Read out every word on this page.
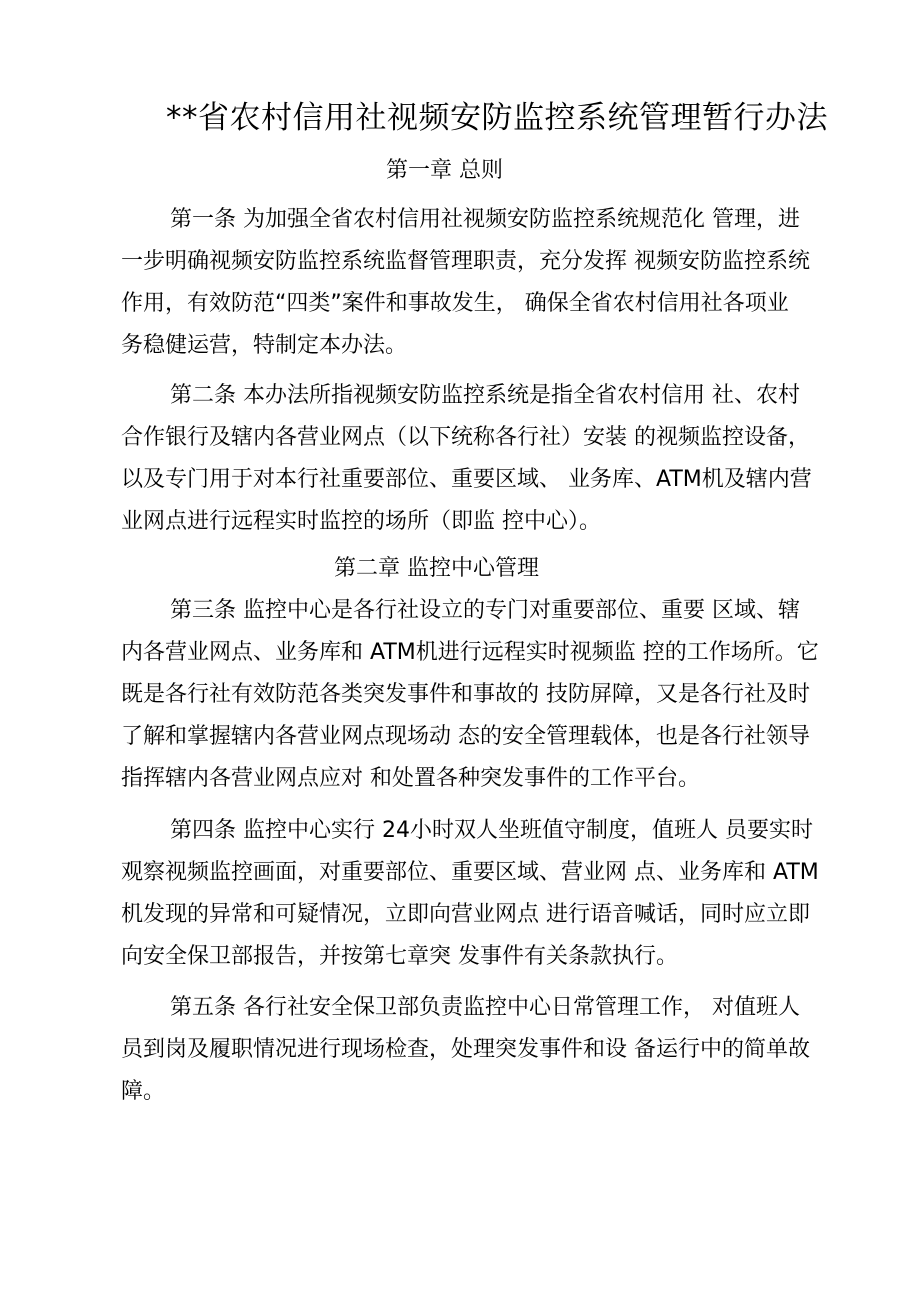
**省农村信用社视频安防监控系统管理暂行办法
第一章 总则
第一条 为加强全省农村信用社视频安防监控系统规范化 管理，进
一步明确视频安防监控系统监督管理职责，充分发挥 视频安防监控系统
作用，有效防范“四类”案件和事故发生， 确保全省农村信用社各项业
务稳健运营，特制定本办法。
第二条 本办法所指视频安防监控系统是指全省农村信用 社、农村
合作银行及辖内各营业网点（以下统称各行社）安装 的视频监控设备，
以及专门用于对本行社重要部位、重要区域、 业务库、ATM机及辖内营
业网点进行远程实时监控的场所（即监 控中心）。
第二章 监控中心管理
第三条 监控中心是各行社设立的专门对重要部位、重要 区域、辖
内各营业网点、业务库和 ATM机进行远程实时视频监 控的工作场所。它
既是各行社有效防范各类突发事件和事故的 技防屏障，又是各行社及时
了解和掌握辖内各营业网点现场动 态的安全管理载体，也是各行社领导
指挥辖内各营业网点应对 和处置各种突发事件的工作平台。
第四条 监控中心实行 24小时双人坐班值守制度，值班人 员要实时
观察视频监控画面，对重要部位、重要区域、营业网 点、业务库和 ATM
机发现的异常和可疑情况，立即向营业网点 进行语音喊话，同时应立即
向安全保卫部报告，并按第七章突 发事件有关条款执行。
第五条 各行社安全保卫部负责监控中心日常管理工作， 对值班人
员到岗及履职情况进行现场检查，处理突发事件和设 备运行中的简单故
障。
